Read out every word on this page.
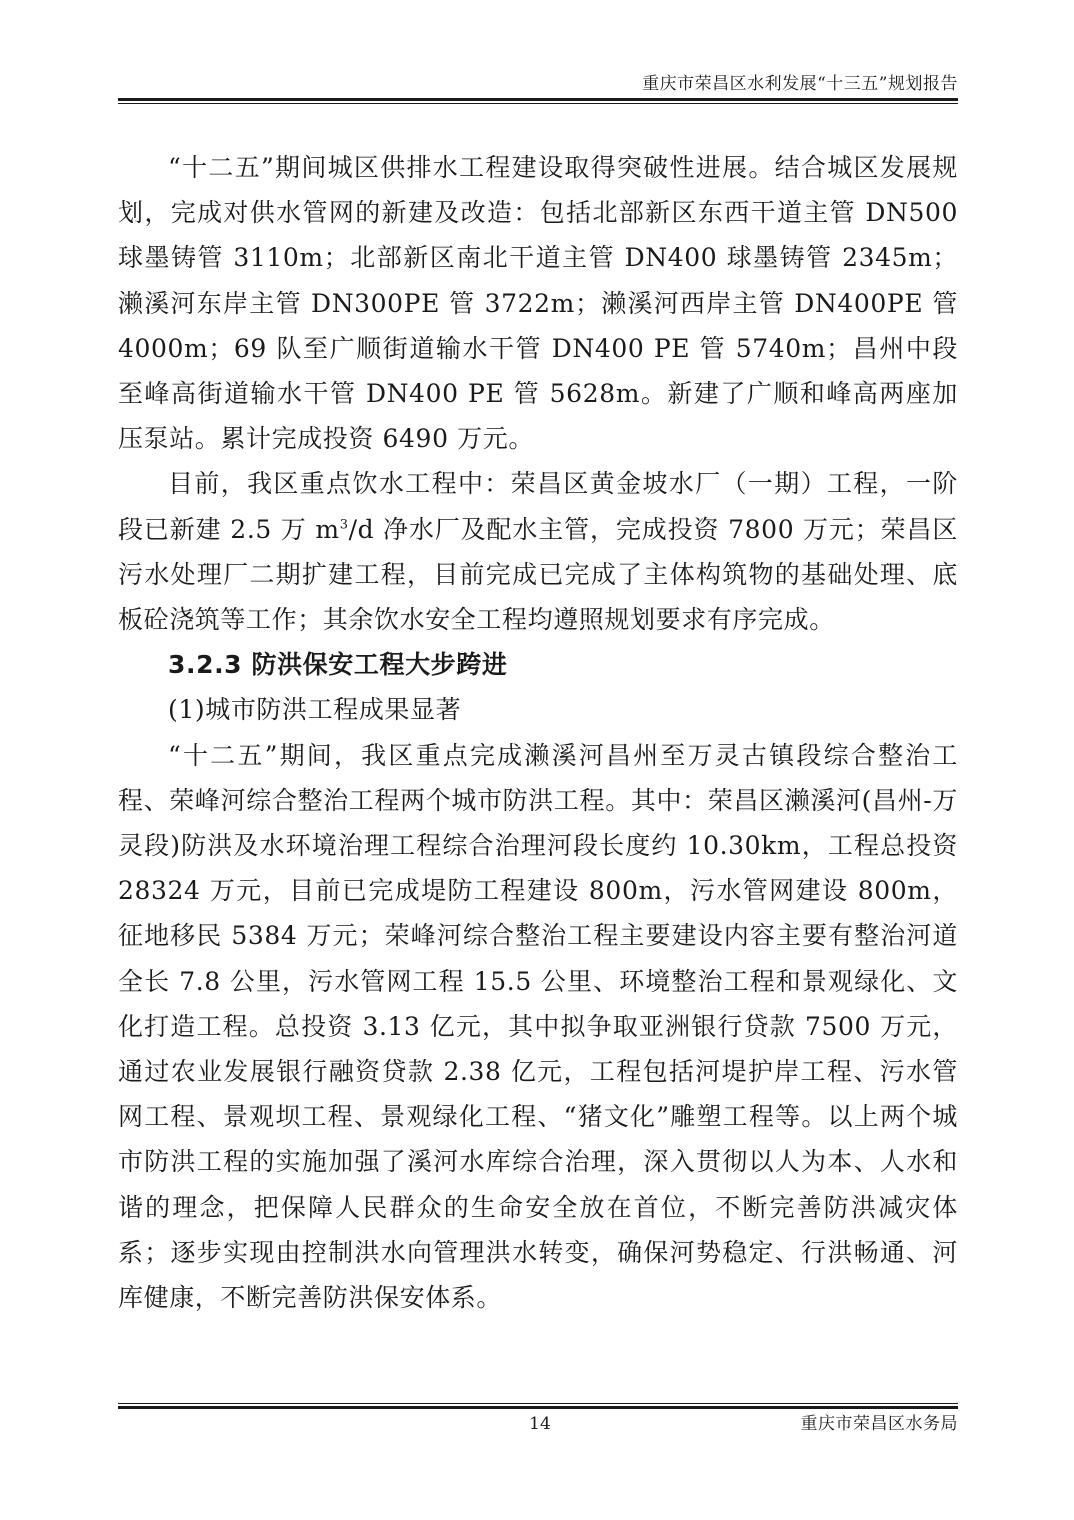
重庆市荣昌区水利发展“十三五”规划报告

“十二五”期间城区供排水工程建设取得突破性进展。结合城区发展规划，完成对供水管网的新建及改造：包括北部新区东西干道主管 DN500 球墨铸管 3110m；北部新区南北干道主管 DN400 球墨铸管 2345m；濑溪河东岸主管 DN300PE 管 3722m；濑溪河西岸主管 DN400PE 管 4000m；69 队至广顺街道输水干管 DN400 PE 管 5740m；昌州中段至峰高街道输水干管 DN400 PE 管 5628m。新建了广顺和峰高两座加压泵站。累计完成投资 6490 万元。

目前，我区重点饮水工程中：荣昌区黄金坡水厂（一期）工程，一阶段已新建 2.5 万 $m^3/d$ 净水厂及配水主管，完成投资 7800 万元；荣昌区污水处理厂二期扩建工程，目前完成已完成了主体构筑物的基础处理、底板砼浇筑等工作；其余饮水安全工程均遵照规划要求有序完成。

3.2.3 防洪保安工程大步跨进

(1)城市防洪工程成果显著

“十二五”期间，我区重点完成濑溪河昌州至万灵古镇段综合整治工程、荣峰河综合整治工程两个城市防洪工程。其中：荣昌区濑溪河(昌州-万灵段)防洪及水环境治理工程综合治理河段长度约 10.30km，工程总投资 28324 万元，目前已完成堤防工程建设 800m，污水管网建设 800m，征地移民 5384 万元；荣峰河综合整治工程主要建设内容主要有整治河道全长 7.8 公里，污水管网工程 15.5 公里、环境整治工程和景观绿化、文化打造工程。总投资 3.13 亿元，其中拟争取亚洲银行贷款 7500 万元，通过农业发展银行融资贷款 2.38 亿元，工程包括河堤护岸工程、污水管网工程、景观坝工程、景观绿化工程、“猪文化”雕塑工程等。以上两个城市防洪工程的实施加强了溪河水库综合治理，深入贯彻以人为本、人水和谐的理念，把保障人民群众的生命安全放在首位，不断完善防洪减灾体系；逐步实现由控制洪水向管理洪水转变，确保河势稳定、行洪畅通、河库健康，不断完善防洪保安体系。

14	重庆市荣昌区水务局
